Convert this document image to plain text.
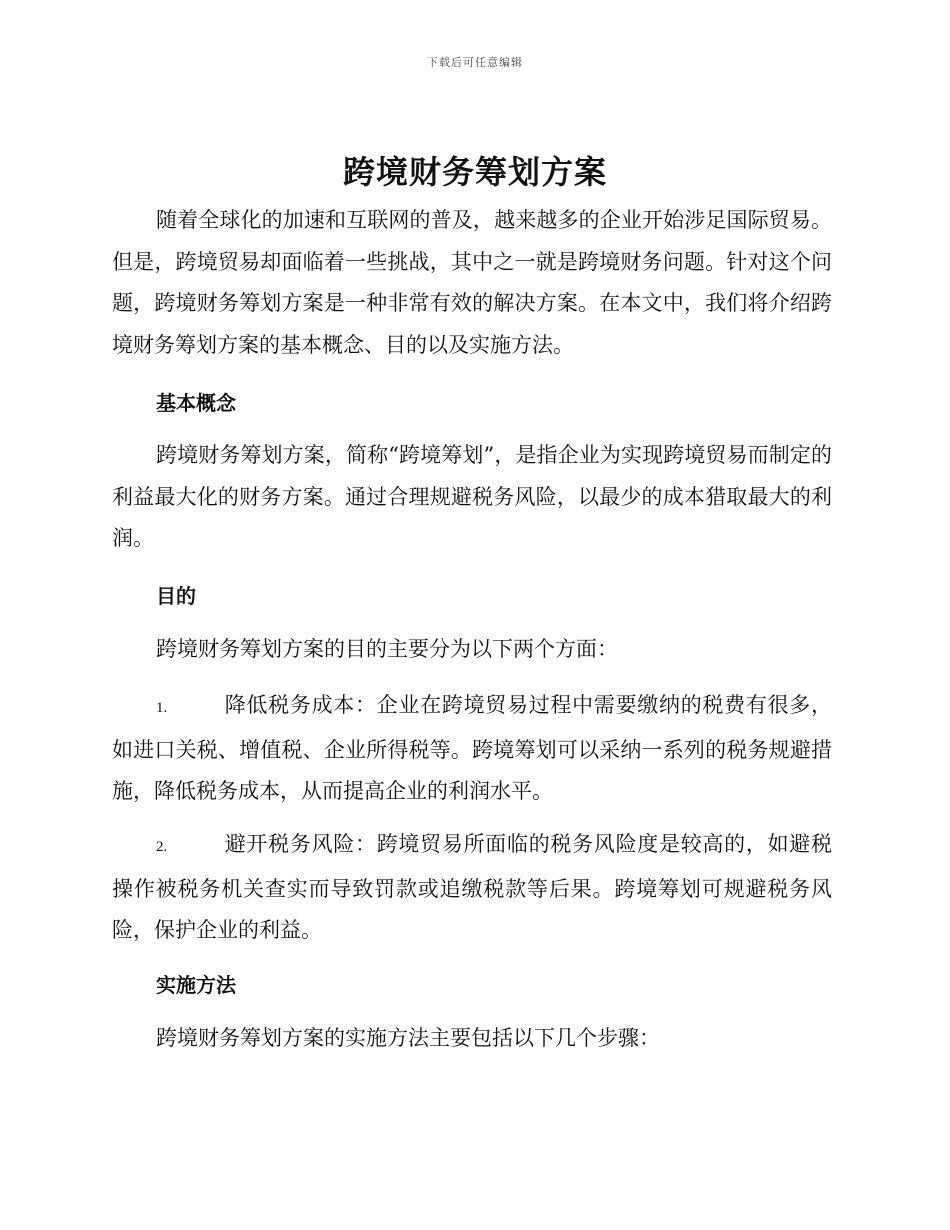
下载后可任意编辑
跨境财务筹划方案

随着全球化的加速和互联网的普及，越来越多的企业开始涉足国际贸易。但是，跨境贸易却面临着一些挑战，其中之一就是跨境财务问题。针对这个问题，跨境财务筹划方案是一种非常有效的解决方案。在本文中，我们将介绍跨境财务筹划方案的基本概念、目的以及实施方法。

基本概念

跨境财务筹划方案，简称“跨境筹划”，是指企业为实现跨境贸易而制定的利益最大化的财务方案。通过合理规避税务风险，以最少的成本猎取最大的利润。

目的

跨境财务筹划方案的目的主要分为以下两个方面：

1.	降低税务成本：企业在跨境贸易过程中需要缴纳的税费有很多，如进口关税、增值税、企业所得税等。跨境筹划可以采纳一系列的税务规避措施，降低税务成本，从而提高企业的利润水平。

2.	避开税务风险：跨境贸易所面临的税务风险度是较高的，如避税操作被税务机关查实而导致罚款或追缴税款等后果。跨境筹划可规避税务风险，保护企业的利益。

实施方法

跨境财务筹划方案的实施方法主要包括以下几个步骤：
